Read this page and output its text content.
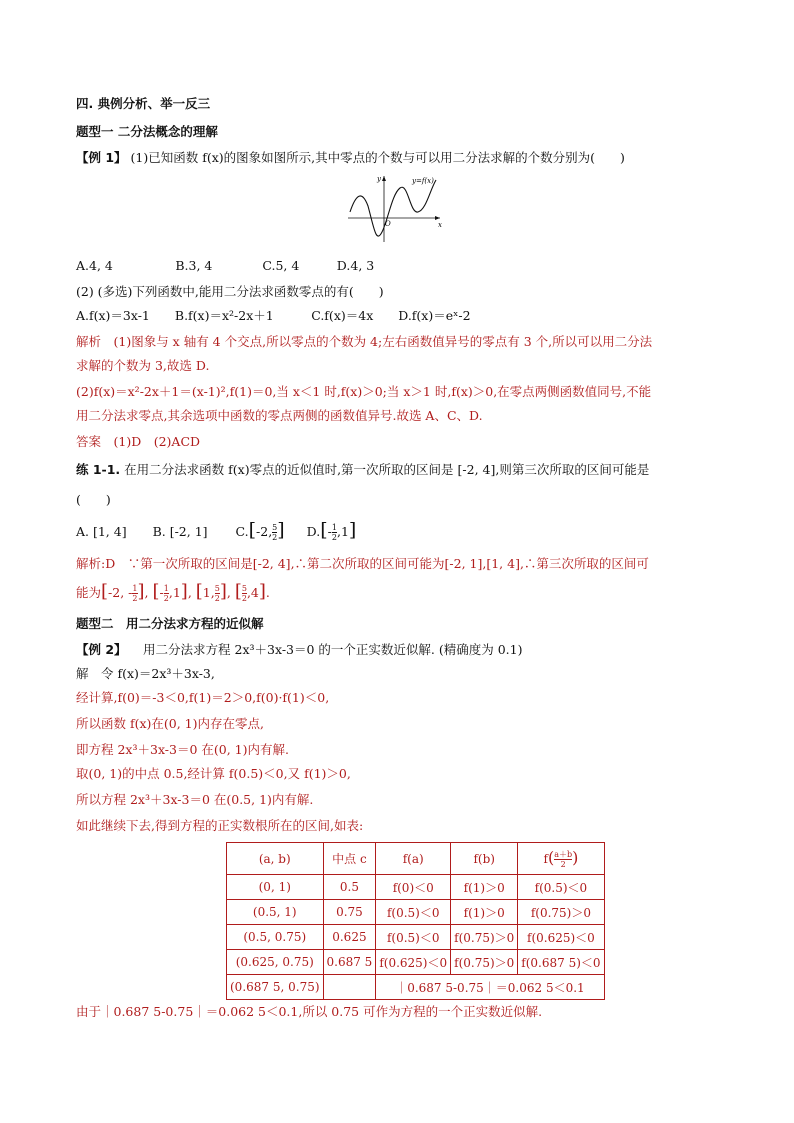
四. 典例分析、举一反三
题型一 二分法概念的理解
【例 1】 (1)已知函数 f(x)的图象如图所示,其中零点的个数与可以用二分法求解的个数分别为(　　)
y
x
O
y=f(x)
A.4, 4　　　　　B.3, 4　　　　C.5, 4　　　D.4, 3
(2) (多选)下列函数中,能用二分法求函数零点的有(　　)
A.f(x)＝3x-1　　B.f(x)＝x²-2x＋1　　　C.f(x)＝4x　　D.f(x)＝eˣ-2
解析　(1)图象与 x 轴有 4 个交点,所以零点的个数为 4;左右函数值异号的零点有 3 个,所以可以用二分法
求解的个数为 3,故选 D.
(2)f(x)＝x²-2x＋1＝(x-1)²,f(1)＝0,当 x＜1 时,f(x)＞0;当 x＞1 时,f(x)＞0,在零点两侧函数值同号,不能
用二分法求零点,其余选项中函数的零点两侧的函数值异号.故选 A、C、D.
答案　(1)D　(2)ACD
练 1-1. 在用二分法求函数 f(x)零点的近似值时,第一次所取的区间是 [-2, 4],则第三次所取的区间可能是
(　　)
A. [1, 4] B. [-2, 1] C.[-2, $\frac{5}{2}$ ] $D.[- \frac{1}{2} ,1]$
解析:D　∵第一次所取的区间是[-2, 4],∴第二次所取的区间可能为[-2, 1],[1, 4],∴第三次所取的区间可
能为[-2, - $\frac{1}{2}$ ], [- $\frac{1}{2} ,1$], [1, $\frac{5}{2}$ ], [ $\frac{5}{2} ,4$].
题型二　用二分法求方程的近似解
【例 2】 　用二分法求方程 2x³＋3x-3＝0 的一个正实数近似解. (精确度为 0.1)
解　令 f(x)＝2x³＋3x-3,
经计算,f(0)＝-3＜0,f(1)＝2＞0,f(0)·f(1)＜0,
所以函数 f(x)在(0, 1)内存在零点,
即方程 2x³＋3x-3＝0 在(0, 1)内有解.
取(0, 1)的中点 0.5,经计算 f(0.5)＜0,又 f(1)＞0,
所以方程 2x³＋3x-3＝0 在(0.5, 1)内有解.
如此继续下去,得到方程的正实数根所在的区间,如表:
(a, b)	中点 c	f(a)	f(b)	$f( \frac{a+b}{2}$ )
(0, 1)	0.5	f(0)＜0	f(1)＞0	f(0.5)＜0
(0.5, 1)	0.75	f(0.5)＜0	f(1)＞0	f(0.75)＞0
(0.5, 0.75)	0.625	f(0.5)＜0	f(0.75)＞0	f(0.625)＜0
(0.625, 0.75)	0.687 5	f(0.625)＜0	f(0.75)＞0	f(0.687 5)＜0
(0.687 5, 0.75)		｜0.687 5-0.75｜＝0.062 5＜0.1		
由于｜0.687 5-0.75｜＝0.062 5＜0.1,所以 0.75 可作为方程的一个正实数近似解.
